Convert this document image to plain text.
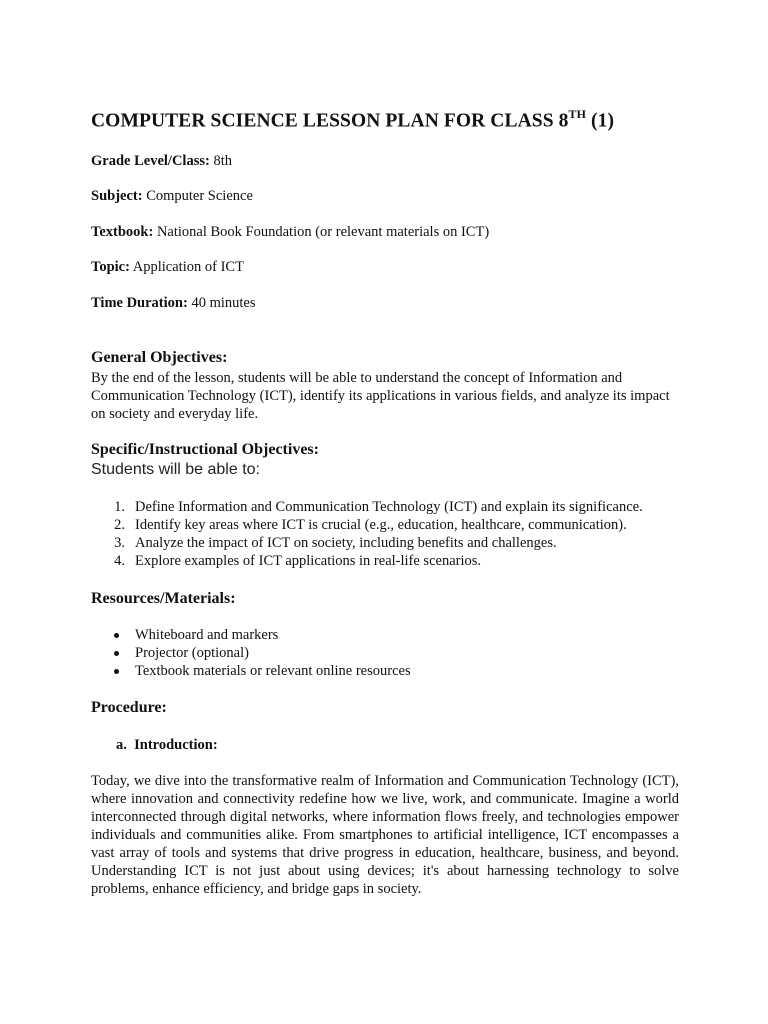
COMPUTER SCIENCE LESSON PLAN FOR CLASS 8TH (1)
Grade Level/Class: 8th
Subject: Computer Science
Textbook: National Book Foundation (or relevant materials on ICT)
Topic: Application of ICT
Time Duration: 40 minutes
General Objectives:

By the end of the lesson, students will be able to understand the concept of Information and Communication Technology (ICT), identify its applications in various fields, and analyze its impact on society and everyday life.

Specific/Instructional Objectives:
Students will be able to:
1. Define Information and Communication Technology (ICT) and explain its significance.
2. Identify key areas where ICT is crucial (e.g., education, healthcare, communication).
3. Analyze the impact of ICT on society, including benefits and challenges.
4. Explore examples of ICT applications in real-life scenarios.
Resources/Materials:
Whiteboard and markers
Projector (optional)
Textbook materials or relevant online resources
Procedure:
a. Introduction:

Today, we dive into the transformative realm of Information and Communication Technology (ICT), where innovation and connectivity redefine how we live, work, and communicate. Imagine a world interconnected through digital networks, where information flows freely, and technologies empower individuals and communities alike. From smartphones to artificial intelligence, ICT encompasses a vast array of tools and systems that drive progress in education, healthcare, business, and beyond. Understanding ICT is not just about using devices; it's about harnessing technology to solve problems, enhance efficiency, and bridge gaps in society.
